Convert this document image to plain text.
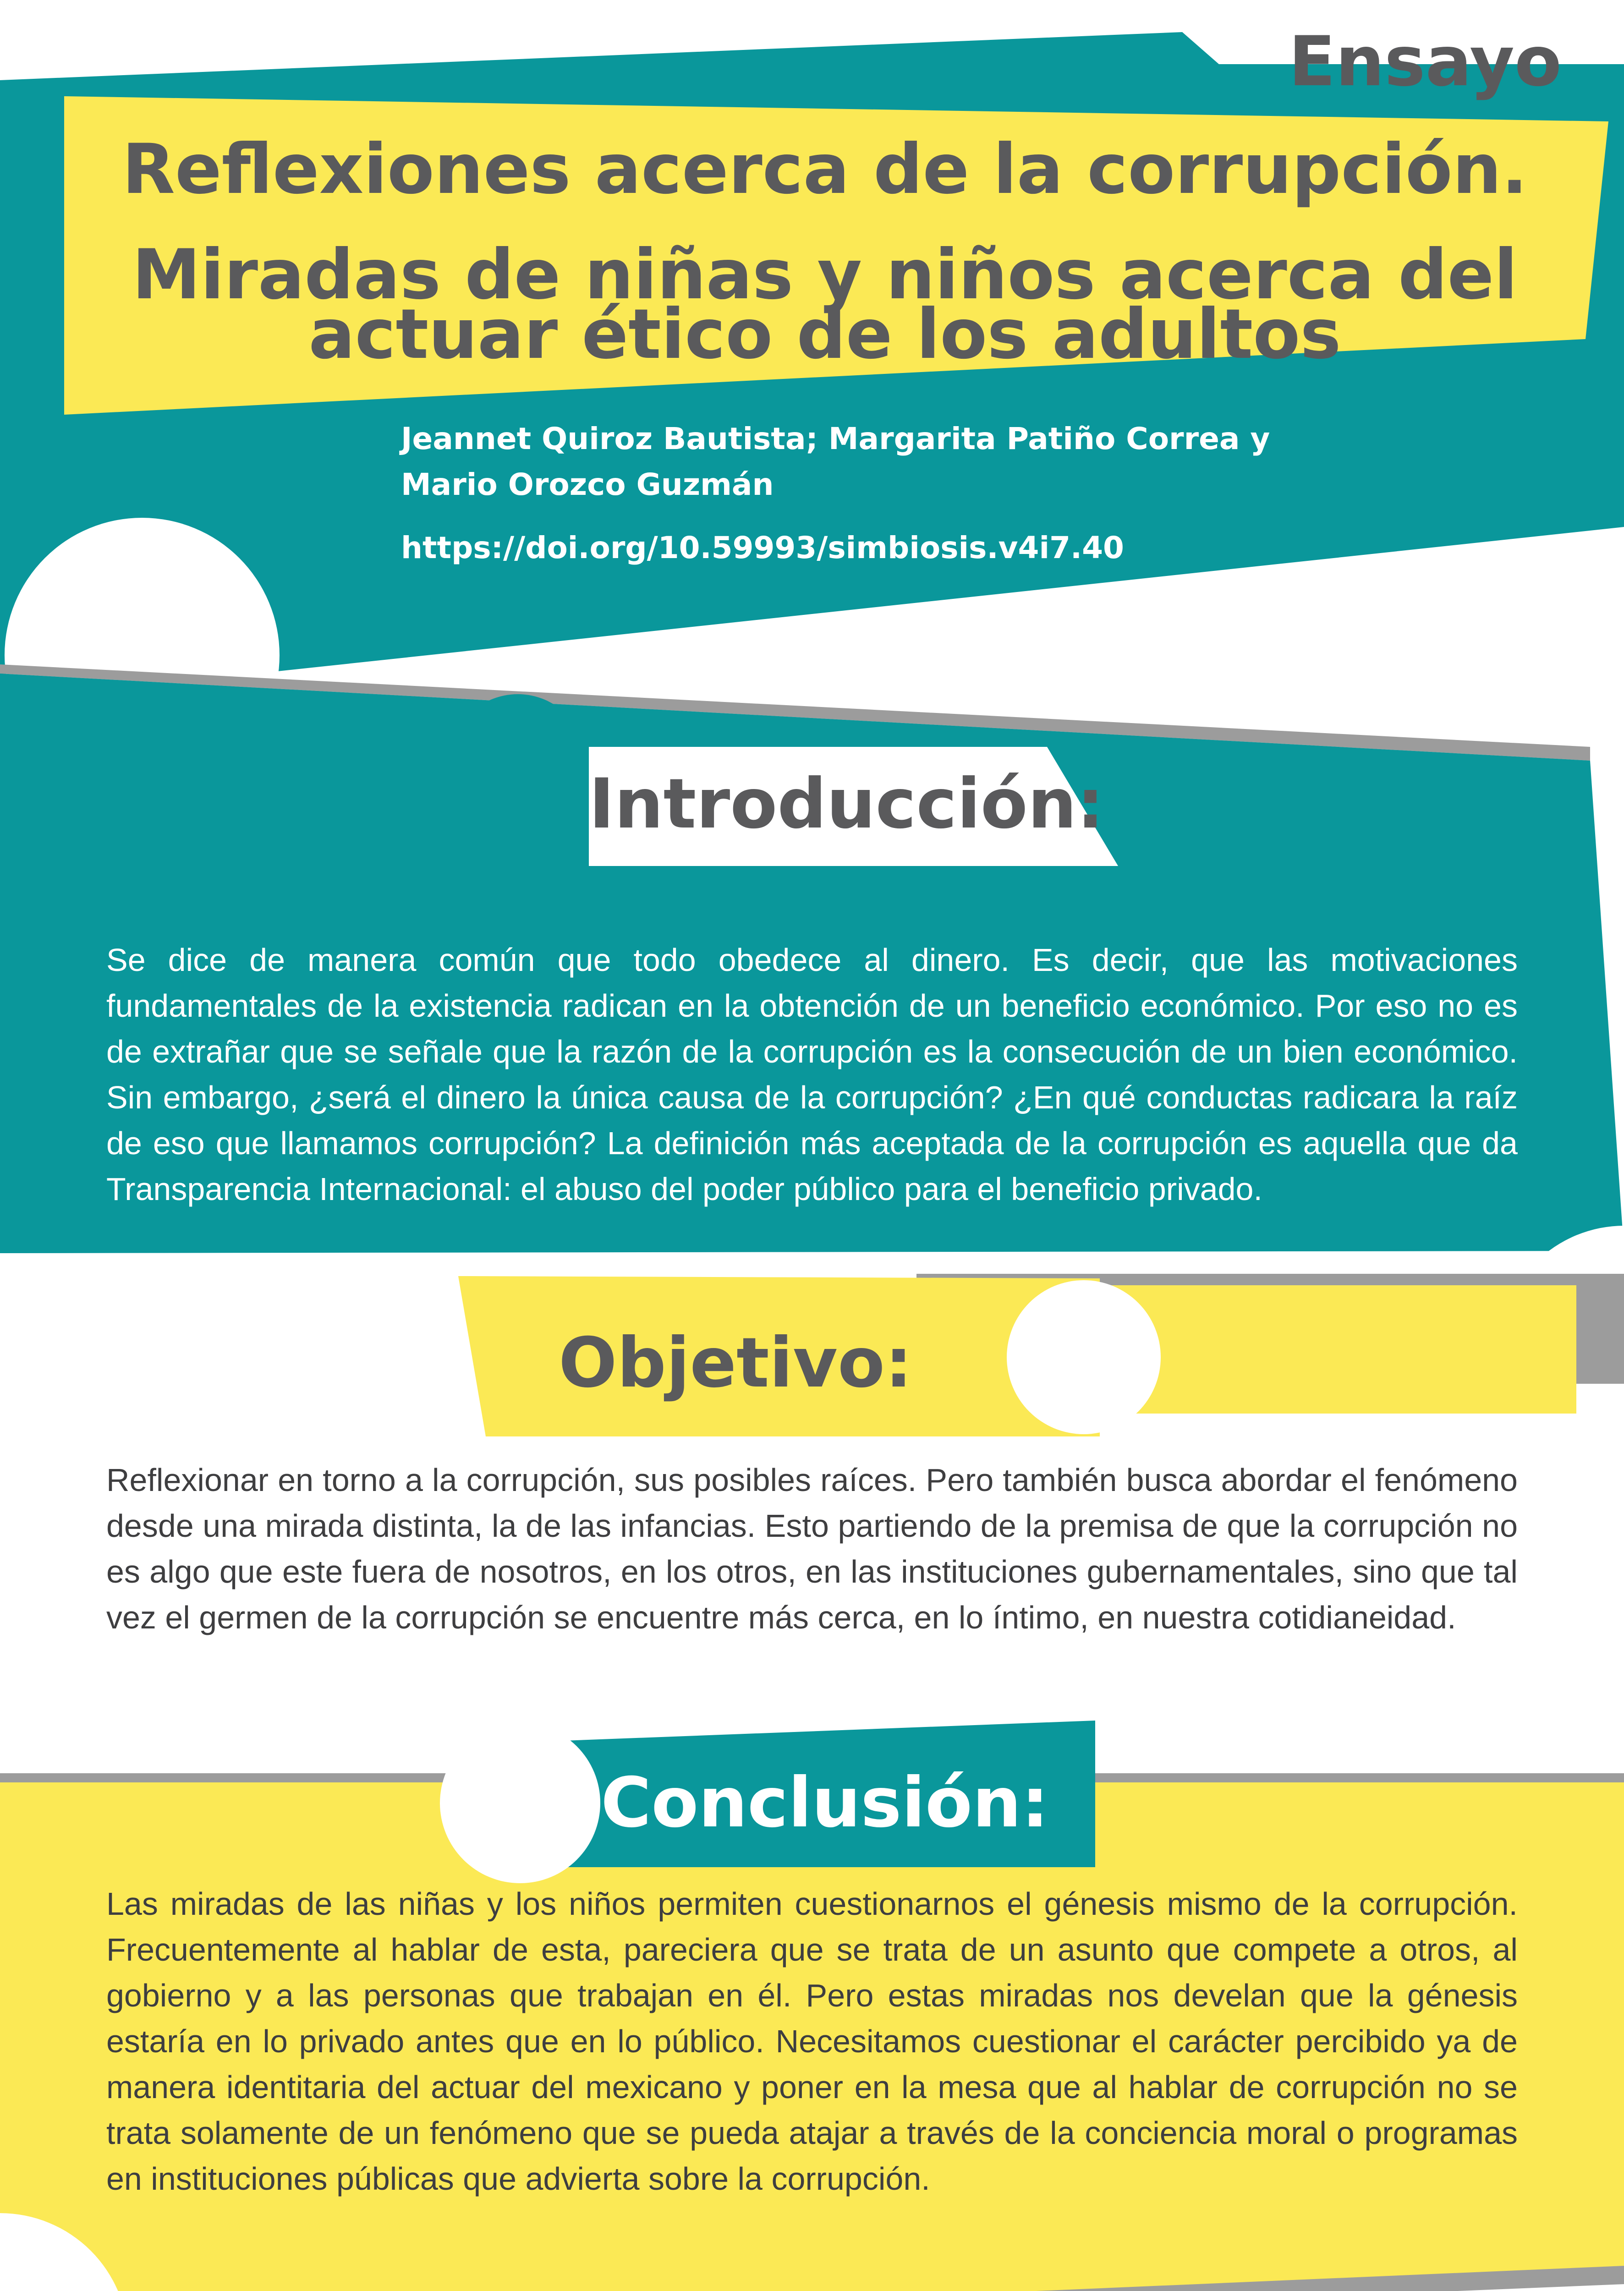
Ensayo
Reflexiones acerca de la corrupción.
Miradas de niñas y niños acerca del
actuar ético de los adultos
Jeannet Quiroz Bautista; Margarita Patiño Correa y
Mario Orozco Guzmán
https://doi.org/10.59993/simbiosis.v4i7.40
Introducción:
Se dice de manera común que todo obedece al dinero. Es decir, que las motivaciones fundamentales de la existencia radican en la obtención de un beneficio económico. Por eso no es de extrañar que se señale que la razón de la corrupción es la consecución de un bien económico. Sin embargo, ¿será el dinero la única causa de la corrupción? ¿En qué conductas radicara la raíz de eso que llamamos corrupción? La definición más aceptada de la corrupción es aquella que da Transparencia Internacional: el abuso del poder público para el beneficio privado.
Objetivo:
Reflexionar en torno a la corrupción, sus posibles raíces. Pero también busca abordar el fenómeno desde una mirada distinta, la de las infancias. Esto partiendo de la premisa de que la corrupción no es algo que este fuera de nosotros, en los otros, en las instituciones gubernamentales, sino que tal vez el germen de la corrupción se encuentre más cerca, en lo íntimo, en nuestra cotidianeidad.
Conclusión:
Las miradas de las niñas y los niños permiten cuestionarnos el génesis mismo de la corrupción. Frecuentemente al hablar de esta, pareciera que se trata de un asunto que compete a otros, al gobierno y a las personas que trabajan en él. Pero estas miradas nos develan que la génesis estaría en lo privado antes que en lo público. Necesitamos cuestionar el carácter percibido ya de manera identitaria del actuar del mexicano y poner en la mesa que al hablar de corrupción no se trata solamente de un fenómeno que se pueda atajar a través de la conciencia moral o programas en instituciones públicas que advierta sobre la corrupción.
